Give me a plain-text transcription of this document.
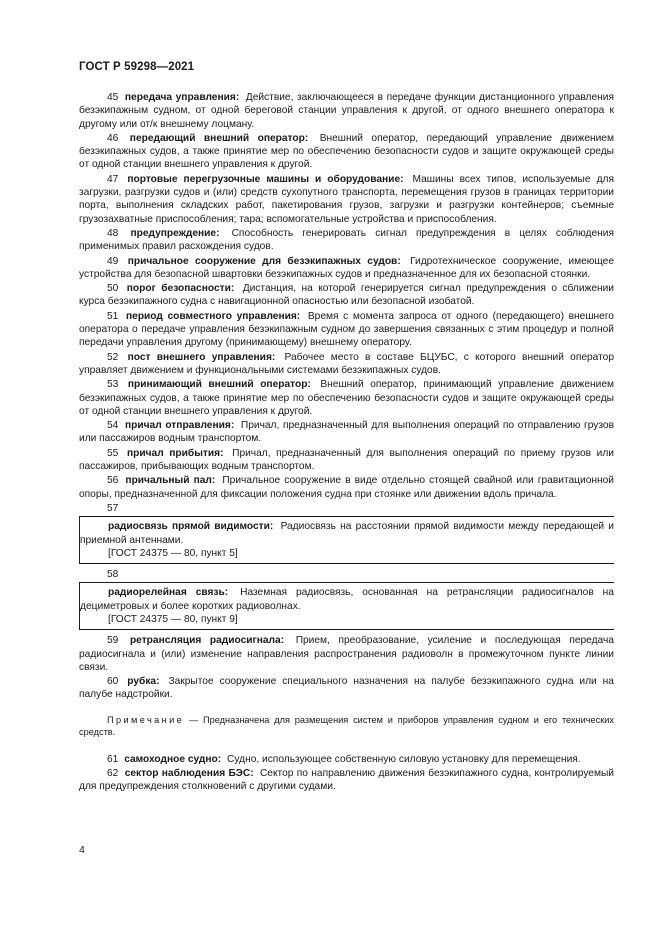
ГОСТ Р 59298—2021

45 передача управления: Действие, заключающееся в передаче функции дистанционного управления безэкипажным судном, от одной береговой станции управления к другой, от одного внешнего оператора к другому или от/к внешнему лоцману.

46 передающий внешний оператор: Внешний оператор, передающий управление движением безэкипажных судов, а также принятие мер по обеспечению безопасности судов и защите окружающей среды от одной станции внешнего управления к другой.

47 портовые перегрузочные машины и оборудование: Машины всех типов, используемые для загрузки, разгрузки судов и (или) средств сухопутного транспорта, перемещения грузов в границах территории порта, выполнения складских работ, пакетирования грузов, загрузки и разгрузки контейнеров; съемные грузозахватные приспособления; тара; вспомогательные устройства и приспособления.

48 предупреждение: Способность генерировать сигнал предупреждения в целях соблюдения применимых правил расхождения судов.

49 причальное сооружение для безэкипажных судов: Гидротехническое сооружение, имеющее устройства для безопасной швартовки безэкипажных судов и предназначенное для их безопасной стоянки.

50 порог безопасности: Дистанция, на которой генерируется сигнал предупреждения о сближении курса безэкипажного судна с навигационной опасностью или безопасной изобатой.

51 период совместного управления: Время с момента запроса от одного (передающего) внешнего оператора о передаче управления безэкипажным судном до завершения связанных с этим процедур и полной передачи управления другому (принимающему) внешнему оператору.

52 пост внешнего управления: Рабочее место в составе БЦУБС, с которого внешний оператор управляет движением и функциональными системами безэкипажных судов.

53 принимающий внешний оператор: Внешний оператор, принимающий управление движением безэкипажных судов, а также принятие мер по обеспечению безопасности судов и защите окружающей среды от одной станции внешнего управления к другой.

54 причал отправления: Причал, предназначенный для выполнения операций по отправлению грузов или пассажиров водным транспортом.

55 причал прибытия: Причал, предназначенный для выполнения операций по приему грузов или пассажиров, прибывающих водным транспортом.

56 причальный пал: Причальное сооружение в виде отдельно стоящей свайной или гравитационной опоры, предназначенной для фиксации положения судна при стоянке или движении вдоль причала.

57

радиосвязь прямой видимости: Радиосвязь на расстоянии прямой видимости между передающей и приемной антеннами.

[ГОСТ 24375 — 80, пункт 5]

58

радиорелейная связь: Наземная радиосвязь, основанная на ретрансляции радиосигналов на дециметровых и более коротких радиоволнах.

[ГОСТ 24375 — 80, пункт 9]

59 ретрансляция радиосигнала: Прием, преобразование, усиление и последующая передача радиосигнала и (или) изменение направления распространения радиоволн в промежуточном пункте линии связи.

60 рубка: Закрытое сооружение специального назначения на палубе безэкипажного судна или на палубе надстройки.

Примечание — Предназначена для размещения систем и приборов управления судном и его технических средств.

61 самоходное судно: Судно, использующее собственную силовую установку для перемещения.

62 сектор наблюдения БЭС: Сектор по направлению движения безэкипажного судна, контролируемый для предупреждения столкновений с другими судами.

4
